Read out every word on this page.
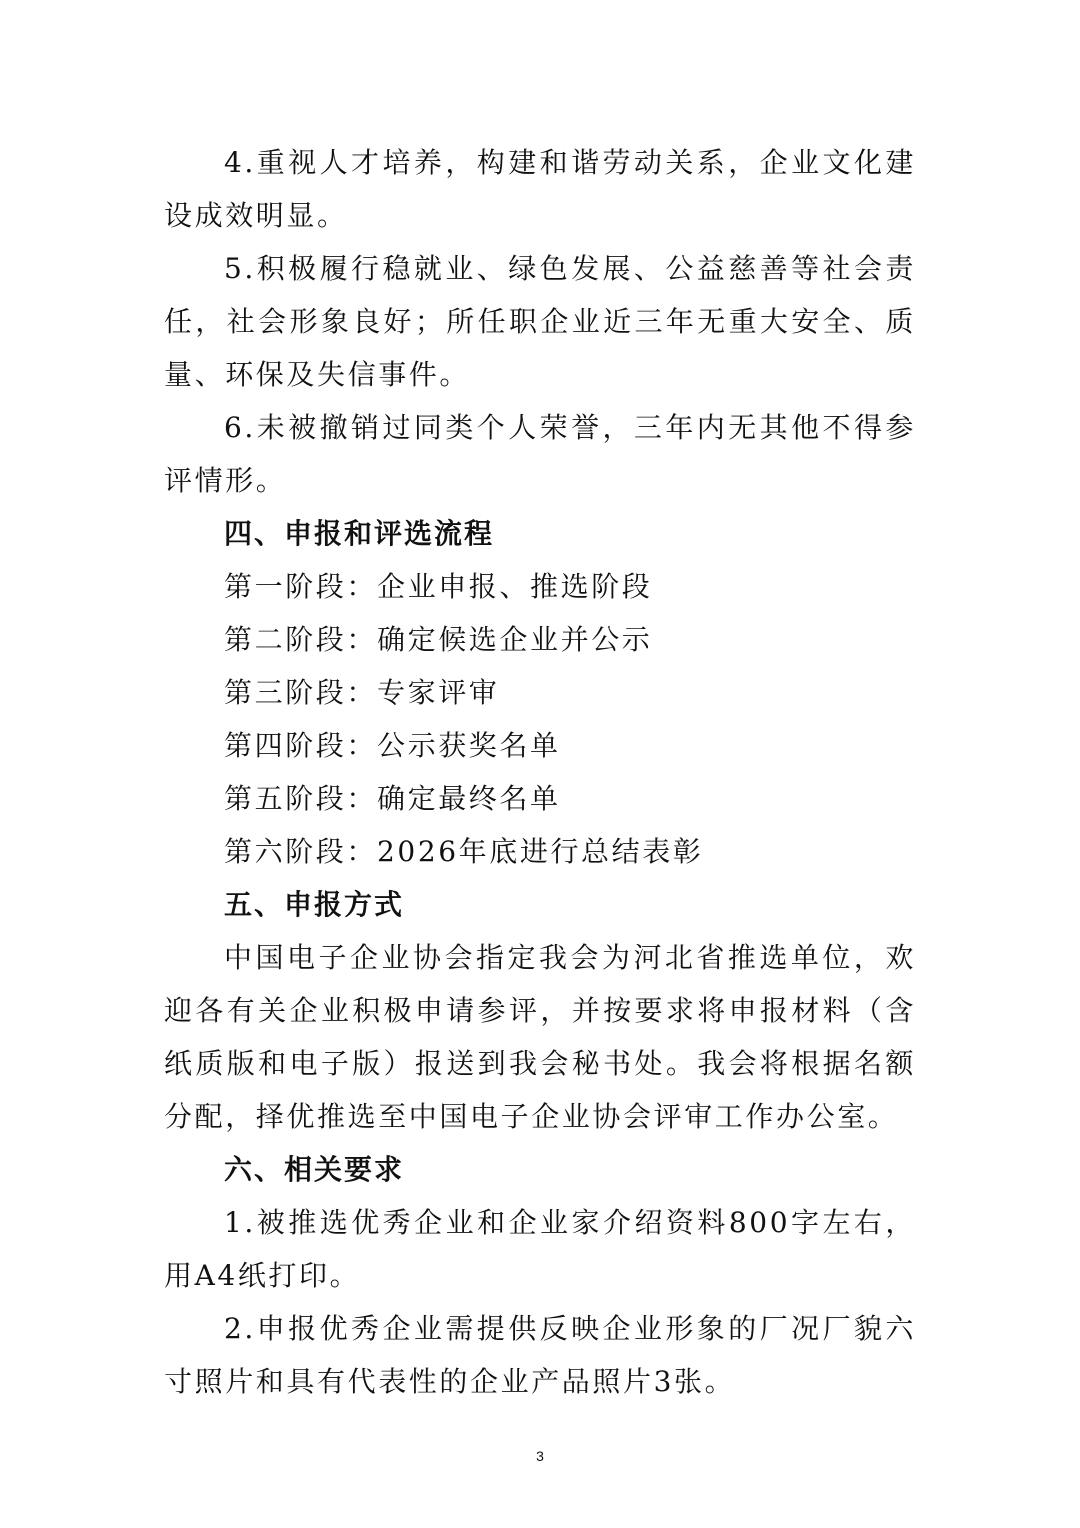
4.重视人才培养，构建和谐劳动关系，企业文化建设成效明显。

5.积极履行稳就业、绿色发展、公益慈善等社会责任，社会形象良好；所任职企业近三年无重大安全、质量、环保及失信事件。

6.未被撤销过同类个人荣誉，三年内无其他不得参评情形。

四、申报和评选流程

第一阶段：企业申报、推选阶段

第二阶段：确定候选企业并公示

第三阶段：专家评审

第四阶段：公示获奖名单

第五阶段：确定最终名单

第六阶段：2026年底进行总结表彰

五、申报方式

中国电子企业协会指定我会为河北省推选单位，欢迎各有关企业积极申请参评，并按要求将申报材料（含纸质版和电子版）报送到我会秘书处。我会将根据名额分配，择优推选至中国电子企业协会评审工作办公室。

六、相关要求

1.被推选优秀企业和企业家介绍资料800字左右，用A4纸打印。

2.申报优秀企业需提供反映企业形象的厂况厂貌六寸照片和具有代表性的企业产品照片3张。

3
